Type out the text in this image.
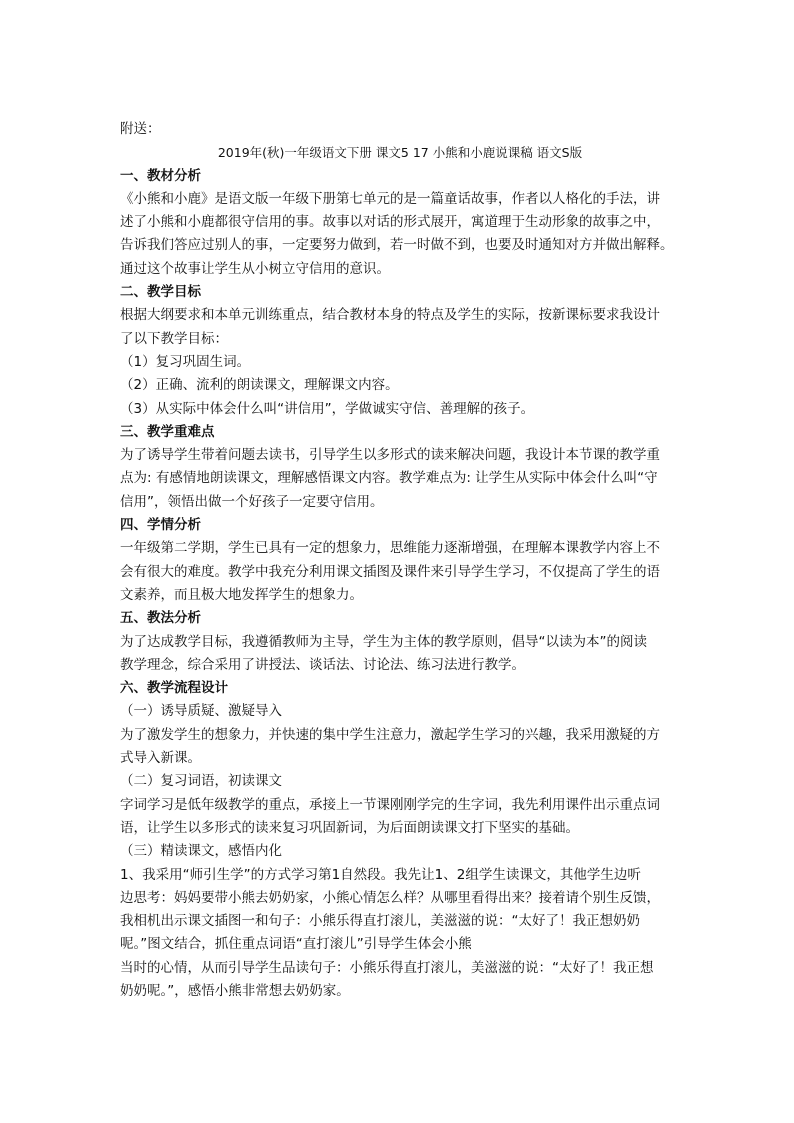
附送：
2019年(秋)一年级语文下册 课文5 17 小熊和小鹿说课稿 语文S版
一、教材分析
《小熊和小鹿》是语文版一年级下册第七单元的是一篇童话故事，作者以人格化的手法，讲
述了小熊和小鹿都很守信用的事。故事以对话的形式展开，寓道理于生动形象的故事之中，
告诉我们答应过别人的事，一定要努力做到，若一时做不到，也要及时通知对方并做出解释。
通过这个故事让学生从小树立守信用的意识。
二、教学目标
根据大纲要求和本单元训练重点，结合教材本身的特点及学生的实际，按新课标要求我设计
了以下教学目标：
（1）复习巩固生词。
（2）正确、流利的朗读课文，理解课文内容。
（3）从实际中体会什么叫“讲信用”，学做诚实守信、善理解的孩子。
三、教学重难点
为了诱导学生带着问题去读书，引导学生以多形式的读来解决问题，我设计本节课的教学重
点为: 有感情地朗读课文，理解感悟课文内容。教学难点为: 让学生从实际中体会什么叫“守
信用”，领悟出做一个好孩子一定要守信用。
四、学情分析
一年级第二学期，学生已具有一定的想象力，思维能力逐渐增强，在理解本课教学内容上不
会有很大的难度。教学中我充分利用课文插图及课件来引导学生学习，不仅提高了学生的语
文素养，而且极大地发挥学生的想象力。
五、教法分析
为了达成教学目标，我遵循教师为主导，学生为主体的教学原则，倡导“以读为本”的阅读
教学理念，综合采用了讲授法、谈话法、讨论法、练习法进行教学。
六、教学流程设计
（一）诱导质疑、激疑导入
为了激发学生的想象力，并快速的集中学生注意力，激起学生学习的兴趣，我采用激疑的方
式导入新课。
（二）复习词语，初读课文
字词学习是低年级教学的重点，承接上一节课刚刚学完的生字词，我先利用课件出示重点词
语，让学生以多形式的读来复习巩固新词，为后面朗读课文打下坚实的基础。
（三）精读课文，感悟内化
1、我采用“师引生学”的方式学习第1自然段。我先让1、2组学生读课文，其他学生边听
边思考：妈妈要带小熊去奶奶家，小熊心情怎么样？从哪里看得出来？接着请个别生反馈，
我相机出示课文插图一和句子：小熊乐得直打滚儿，美滋滋的说：“太好了！我正想奶奶
呢。”图文结合，抓住重点词语“直打滚儿”引导学生体会小熊
当时的心情，从而引导学生品读句子：小熊乐得直打滚儿，美滋滋的说：“太好了！我正想
奶奶呢。”，感悟小熊非常想去奶奶家。
